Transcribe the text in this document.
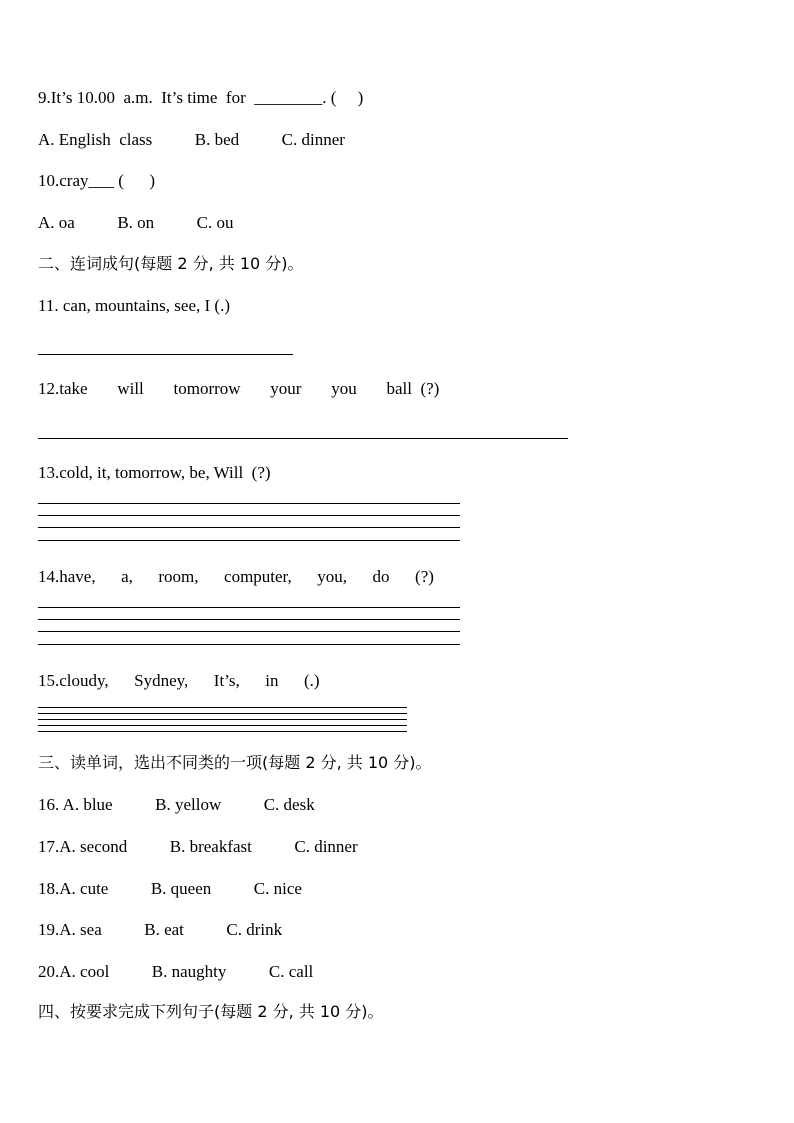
9.It’s 10.00  a.m.  It’s time  for  ________. (     )
A. English  class          B. bed          C. dinner
10.cray___ (      )
A. oa          B. on          C. ou
二、连词成句(每题 2 分, 共 10 分)。
11. can, mountains, see, I (.)
12.take       will       tomorrow       your       you       ball  (?)
13.cold, it, tomorrow, be, Will  (?)
14.have,      a,      room,      computer,      you,      do      (?)
15.cloudy,      Sydney,      It’s,      in      (.)
三、读单词，选出不同类的一项(每题 2 分, 共 10 分)。
16. A. blue          B. yellow          C. desk
17.A. second          B. breakfast          C. dinner
18.A. cute          B. queen          C. nice
19.A. sea          B. eat          C. drink
20.A. cool          B. naughty          C. call
四、按要求完成下列句子(每题 2 分, 共 10 分)。
